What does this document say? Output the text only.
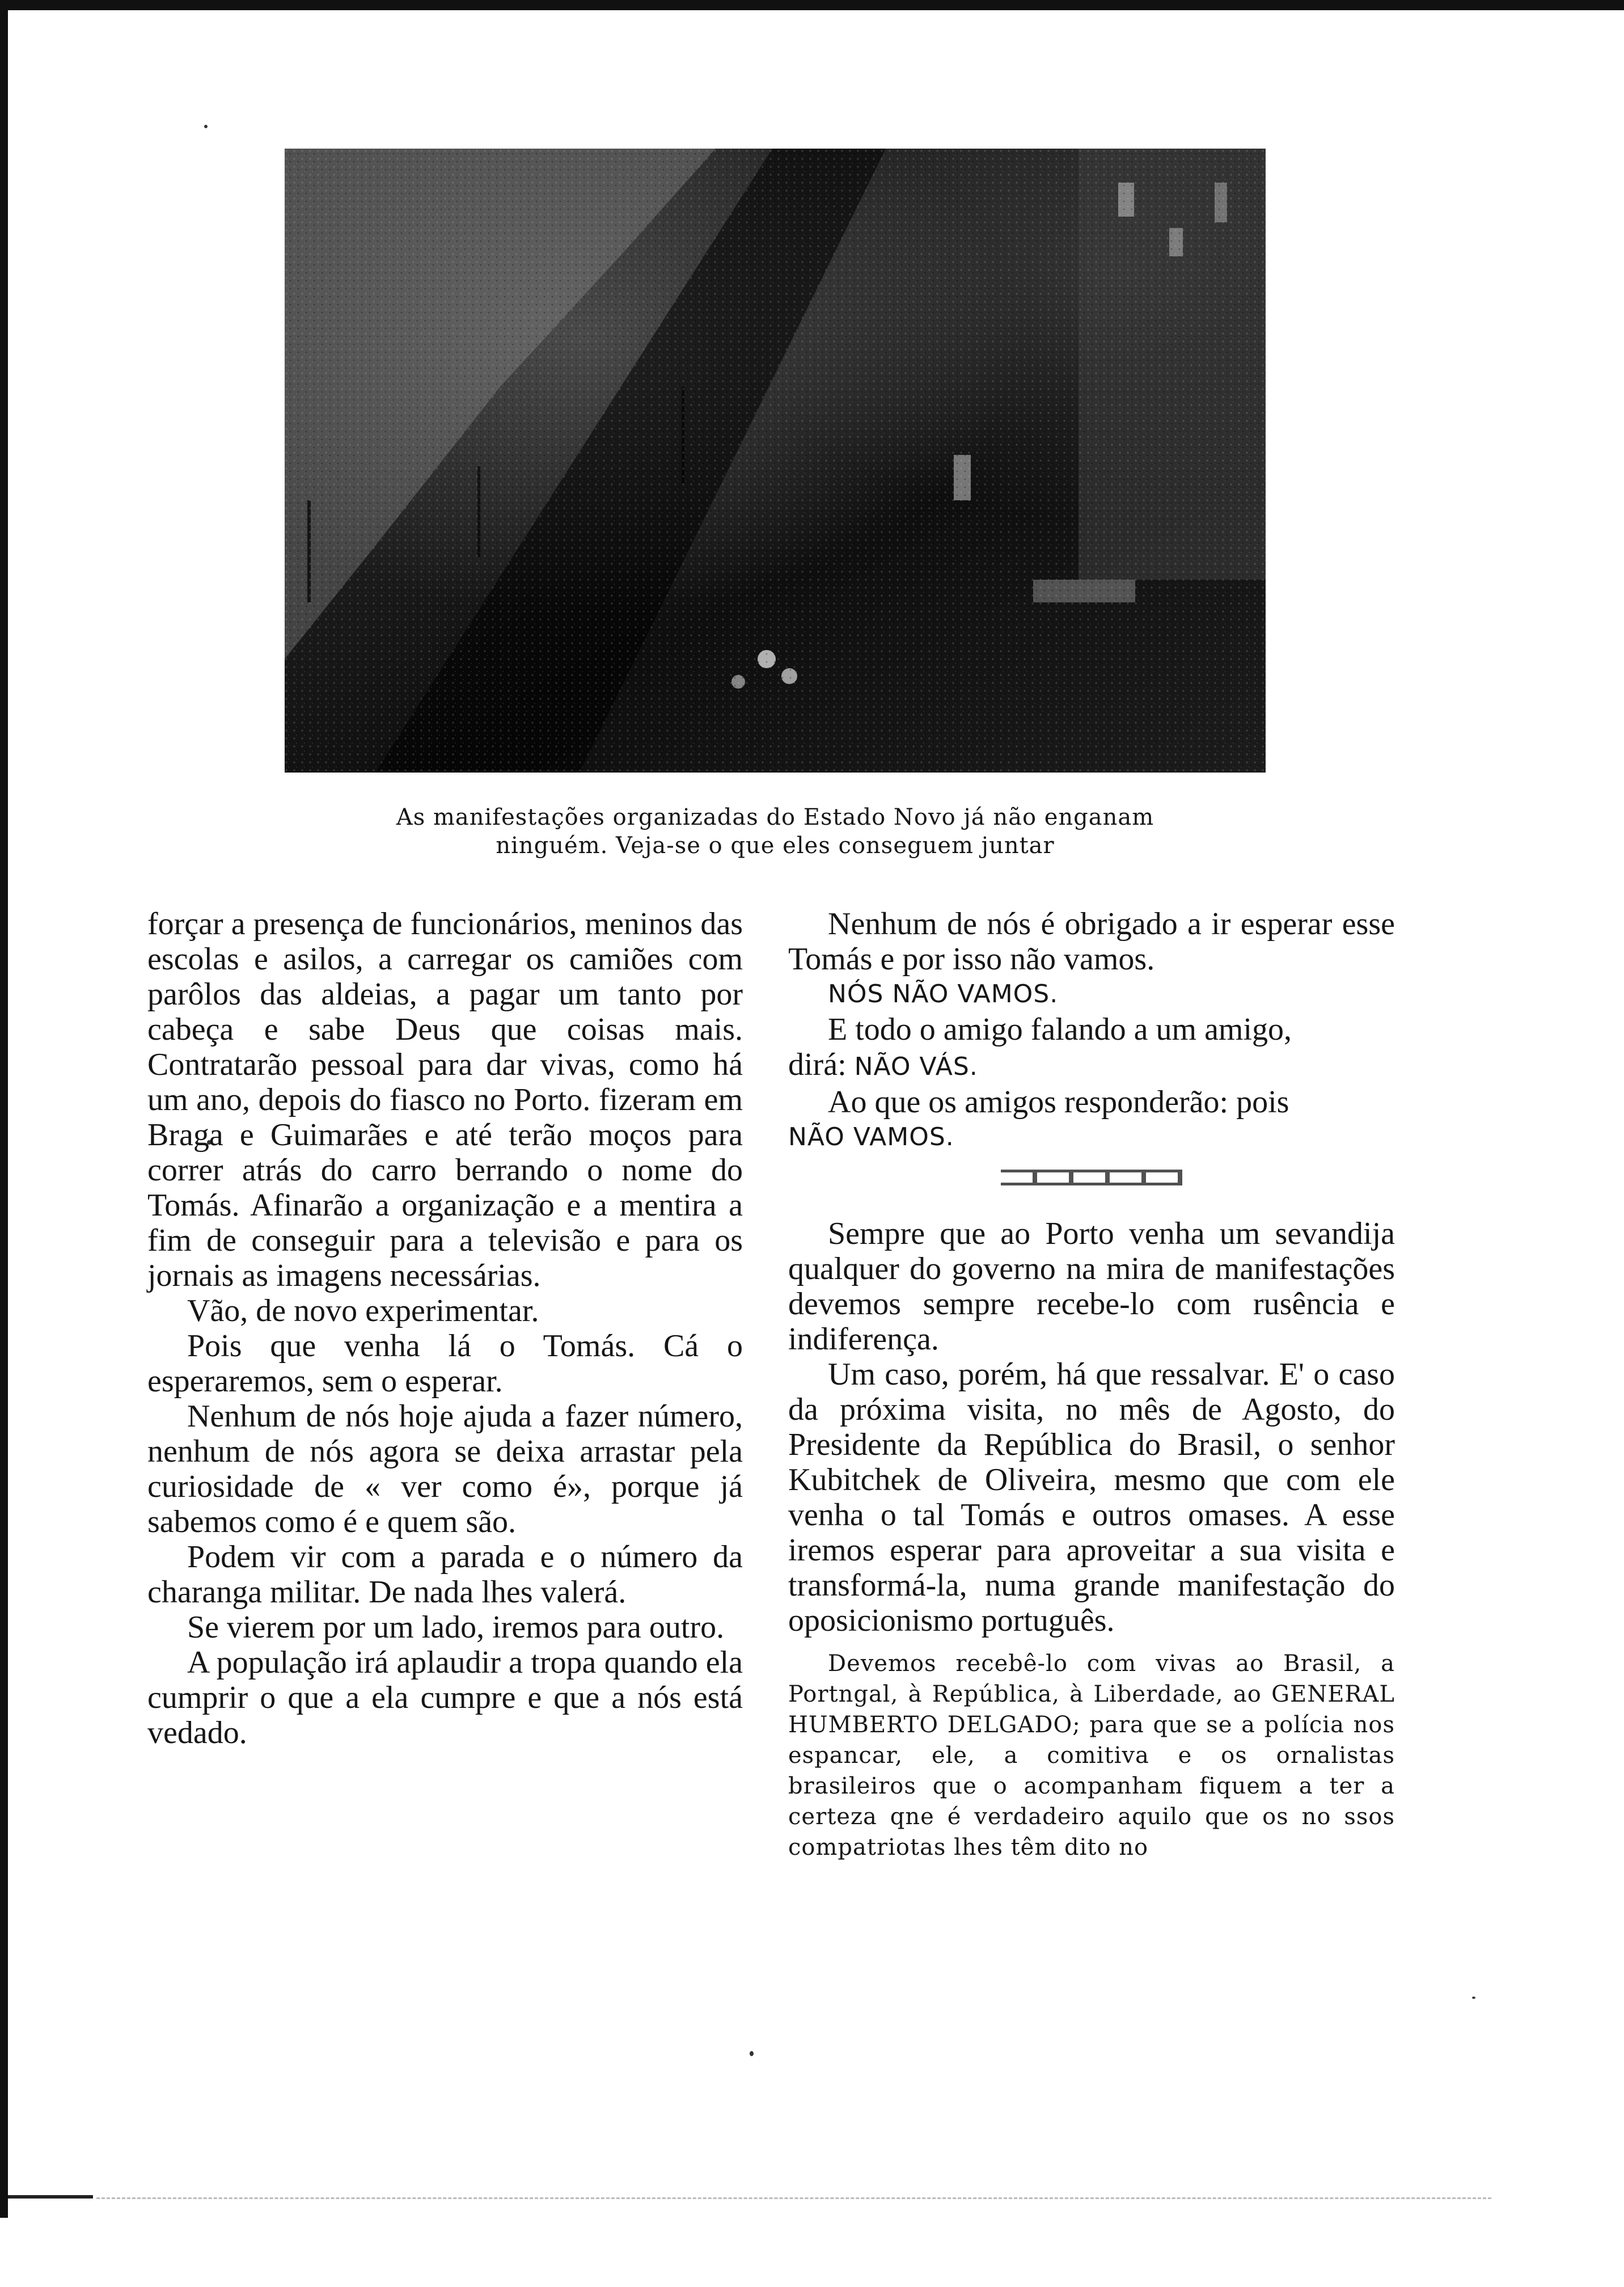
As manifestações organizadas do Estado Novo já não enganam

ninguém. Veja-se o que eles conseguem juntar

forçar a presença de funcionários, meninos das escolas e asilos, a carregar os camiões com parôlos das aldeias, a pagar um tanto por cabeça e sabe Deus que coisas mais. Contratarão pessoal para dar vivas, como há um ano, depois do fiasco no Porto. fizeram em Braga e Guimarães e até terão moços para correr atrás do carro berrando o nome do Tomás. Afinarão a organização e a mentira a fim de conseguir para a televisão e para os jornais as imagens necessárias.

Vão, de novo experimentar.

Pois que venha lá o Tomás. Cá o esperaremos, sem o esperar.

Nenhum de nós hoje ajuda a fazer número, nenhum de nós agora se deixa arrastar pela curiosidade de « ver como é», porque já sabemos como é e quem são.

Podem vir com a parada e o número da charanga militar. De nada lhes valerá.

Se vierem por um lado, iremos para outro.

A população irá aplaudir a tropa quando ela cumprir o que a ela cumpre e que a nós está vedado.

Nenhum de nós é obrigado a ir esperar esse Tomás e por isso não vamos.

NÓS NÃO VAMOS.

E todo o amigo falando a um amigo,

dirá: NÃO VÁS.

Ao que os amigos responderão: pois

NÃO VAMOS.

Sempre que ao Porto venha um sevandija qualquer do governo na mira de manifestações devemos sempre recebe-lo com rusência e indiferença.

Um caso, porém, há que ressalvar. E' o caso da próxima visita, no mês de Agosto, do Presidente da República do Brasil, o senhor Kubitchek de Oliveira, mesmo que com ele venha o tal Tomás e outros omases. A esse iremos esperar para aproveitar a sua visita e transformá-la, numa grande manifestação do oposicionismo português.

Devemos recebê-lo com vivas ao Brasil, a Portngal, à República, à Liberdade, ao GENERAL HUMBERTO DELGADO; para que se a polícia nos espancar, ele, a comitiva e os ornalistas brasileiros que o acompanham fiquem a ter a certeza qne é verdadeiro aquilo que os no ssos compatriotas lhes têm dito no
